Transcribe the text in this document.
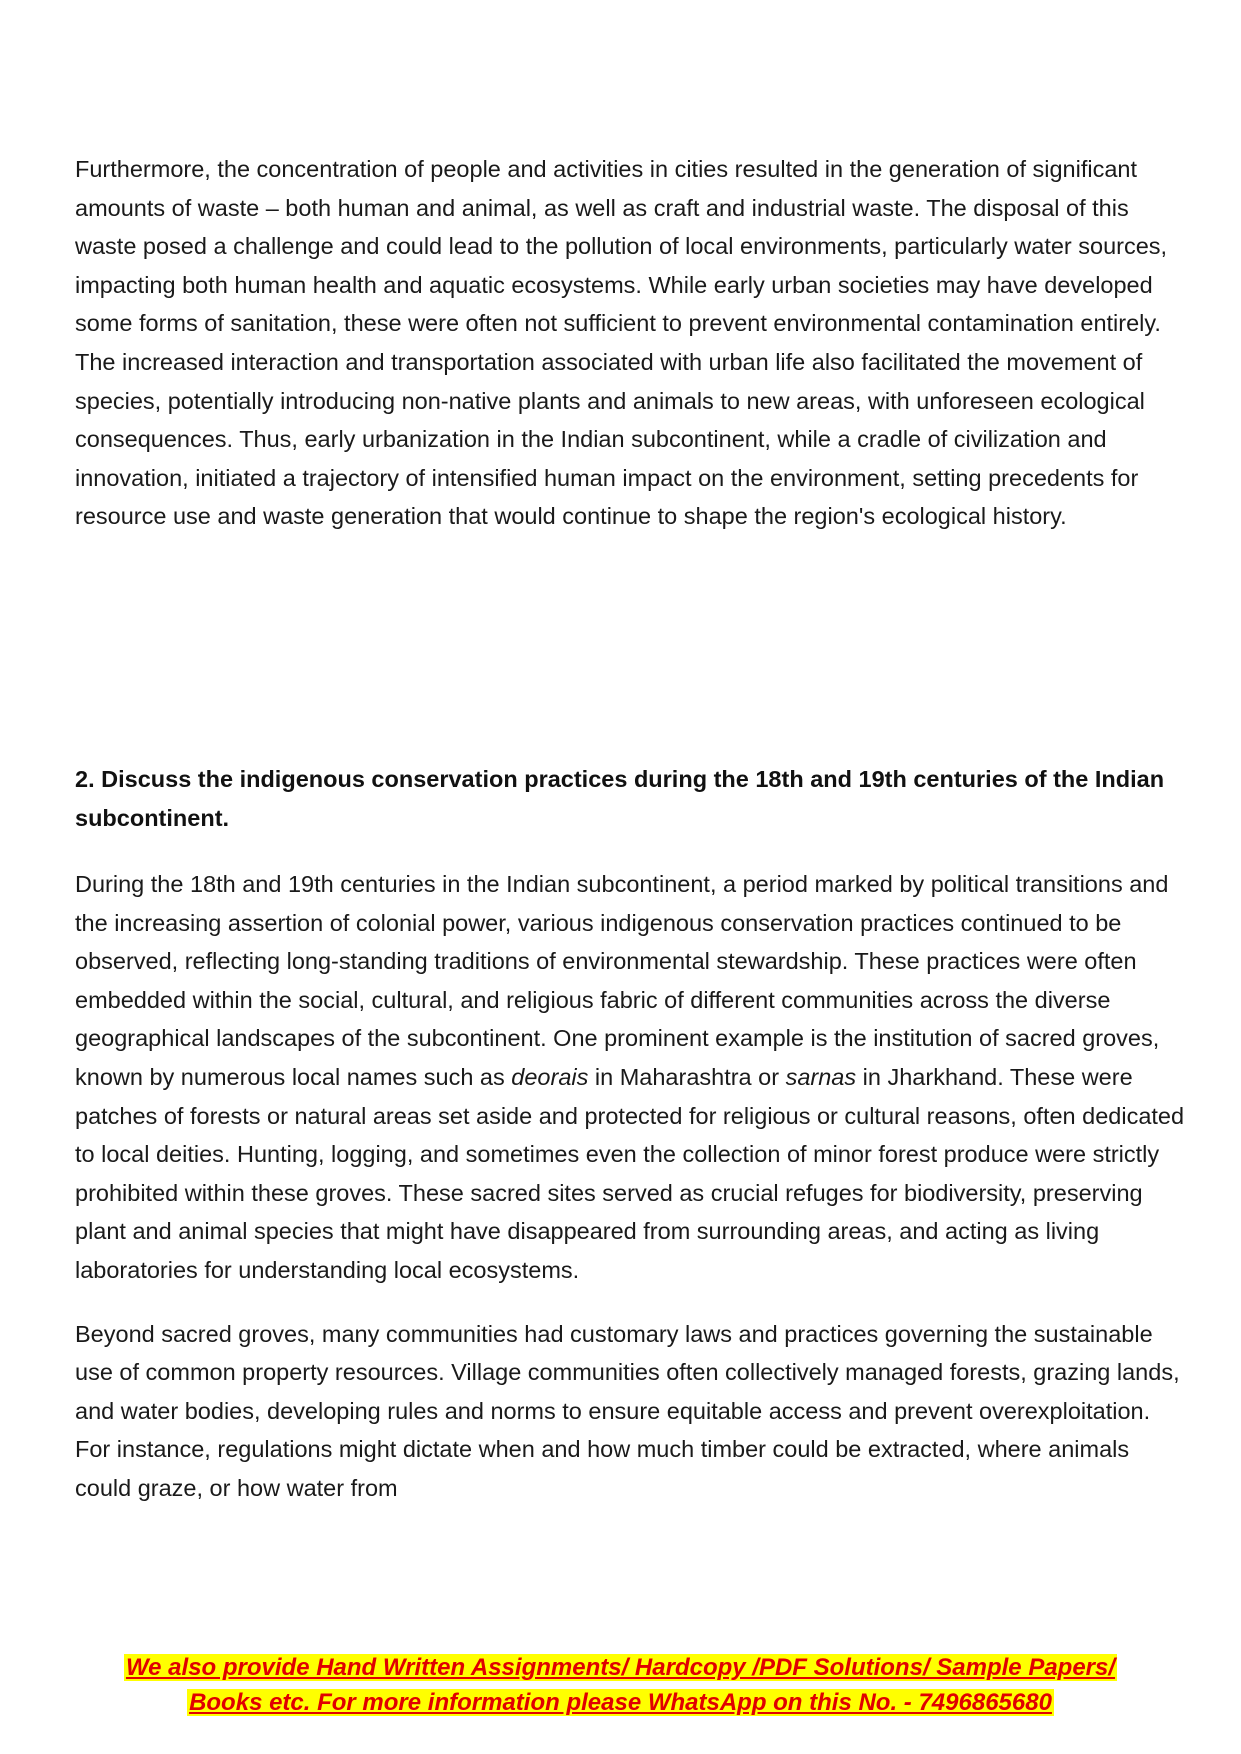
Furthermore, the concentration of people and activities in cities resulted in the generation of significant amounts of waste – both human and animal, as well as craft and industrial waste. The disposal of this waste posed a challenge and could lead to the pollution of local environments, particularly water sources, impacting both human health and aquatic ecosystems. While early urban societies may have developed some forms of sanitation, these were often not sufficient to prevent environmental contamination entirely. The increased interaction and transportation associated with urban life also facilitated the movement of species, potentially introducing non-native plants and animals to new areas, with unforeseen ecological consequences. Thus, early urbanization in the Indian subcontinent, while a cradle of civilization and innovation, initiated a trajectory of intensified human impact on the environment, setting precedents for resource use and waste generation that would continue to shape the region's ecological history.

2. Discuss the indigenous conservation practices during the 18th and 19th centuries of the Indian subcontinent.

During the 18th and 19th centuries in the Indian subcontinent, a period marked by political transitions and the increasing assertion of colonial power, various indigenous conservation practices continued to be observed, reflecting long-standing traditions of environmental stewardship. These practices were often embedded within the social, cultural, and religious fabric of different communities across the diverse geographical landscapes of the subcontinent. One prominent example is the institution of sacred groves, known by numerous local names such as deorais in Maharashtra or sarnas in Jharkhand. These were patches of forests or natural areas set aside and protected for religious or cultural reasons, often dedicated to local deities. Hunting, logging, and sometimes even the collection of minor forest produce were strictly prohibited within these groves. These sacred sites served as crucial refuges for biodiversity, preserving plant and animal species that might have disappeared from surrounding areas, and acting as living laboratories for understanding local ecosystems.

Beyond sacred groves, many communities had customary laws and practices governing the sustainable use of common property resources. Village communities often collectively managed forests, grazing lands, and water bodies, developing rules and norms to ensure equitable access and prevent overexploitation. For instance, regulations might dictate when and how much timber could be extracted, where animals could graze, or how water from

We also provide Hand Written Assignments/ Hardcopy /PDF Solutions/ Sample Papers/
Books etc. For more information please WhatsApp on this No. - 7496865680
